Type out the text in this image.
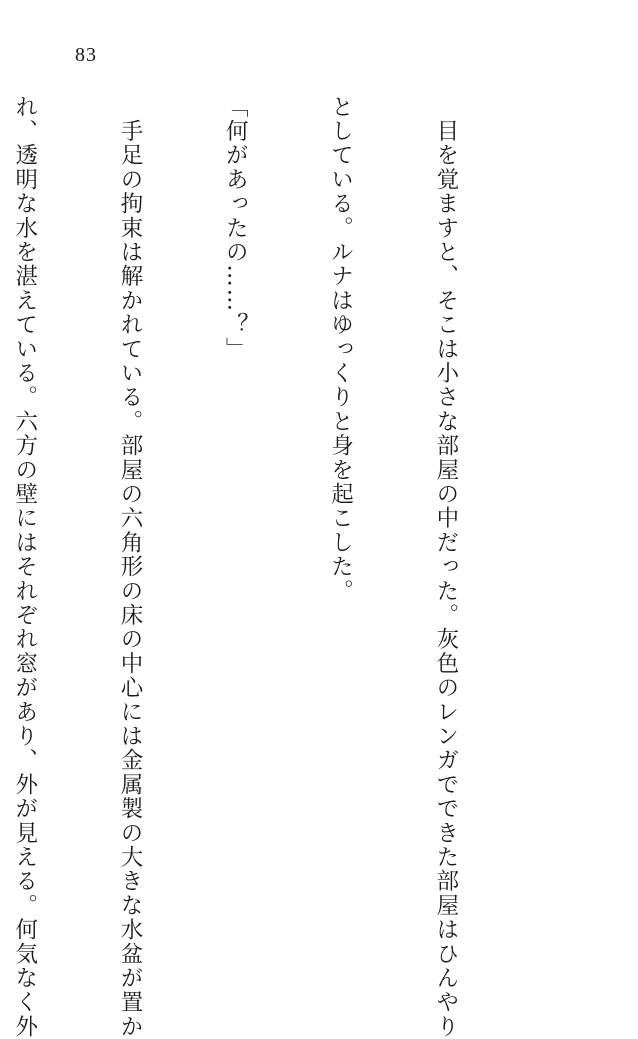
83

　目を覚ますと、そこは小さな部屋の中だった。灰色のレンガでできた部屋はひんやり

としている。ルナはゆっくりと身を起こした。

「何があったの……？」

　手足の拘束は解かれている。部屋の六角形の床の中心には金属製の大きな水盆が置か

れ、透明な水を湛えている。六方の壁にはそれぞれ窓があり、外が見える。何気なく外
